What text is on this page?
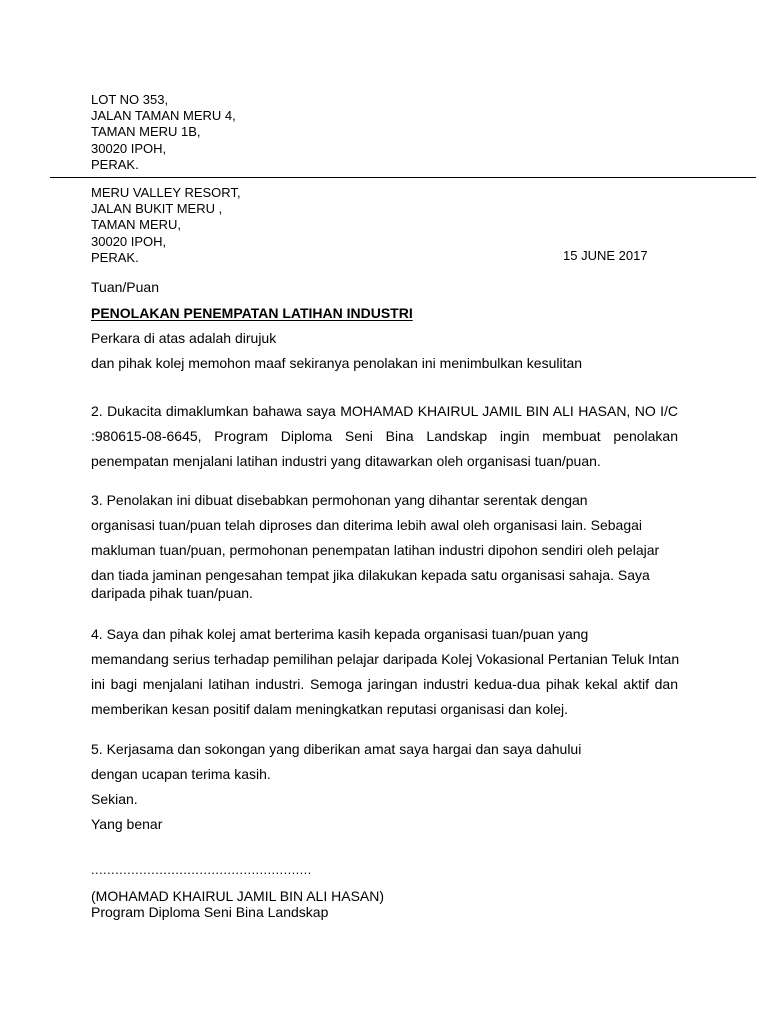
LOT NO 353,
JALAN TAMAN MERU 4,
TAMAN MERU 1B,
30020 IPOH,
PERAK.
MERU VALLEY RESORT,
JALAN BUKIT MERU ,
TAMAN MERU,
30020 IPOH,
PERAK.	15 JUNE 2017
Tuan/Puan
PENOLAKAN PENEMPATAN LATIHAN INDUSTRI
Perkara di atas adalah dirujuk
dan pihak kolej memohon maaf sekiranya penolakan ini menimbulkan kesulitan
2. Dukacita dimaklumkan bahawa saya MOHAMAD KHAIRUL JAMIL BIN ALI HASAN, NO I/C
:980615-08-6645, Program Diploma Seni Bina Landskap ingin membuat penolakan
penempatan menjalani latihan industri yang ditawarkan oleh organisasi tuan/puan.
3. Penolakan ini dibuat disebabkan permohonan yang dihantar serentak dengan
organisasi tuan/puan telah diproses dan diterima lebih awal oleh organisasi lain. Sebagai
makluman tuan/puan, permohonan penempatan latihan industri dipohon sendiri oleh pelajar
dan tiada jaminan pengesahan tempat jika dilakukan kepada satu organisasi sahaja. Saya
daripada pihak tuan/puan.
4. Saya dan pihak kolej amat berterima kasih kepada organisasi tuan/puan yang
memandang serius terhadap pemilihan pelajar daripada Kolej Vokasional Pertanian Teluk Intan
ini bagi menjalani latihan industri. Semoga jaringan industri kedua-dua pihak kekal aktif dan
memberikan kesan positif dalam meningkatkan reputasi organisasi dan kolej.
5. Kerjasama dan sokongan yang diberikan amat saya hargai dan saya dahului
dengan ucapan terima kasih.
Sekian.
Yang benar
.......................................................
(MOHAMAD KHAIRUL JAMIL BIN ALI HASAN)
Program Diploma Seni Bina Landskap
